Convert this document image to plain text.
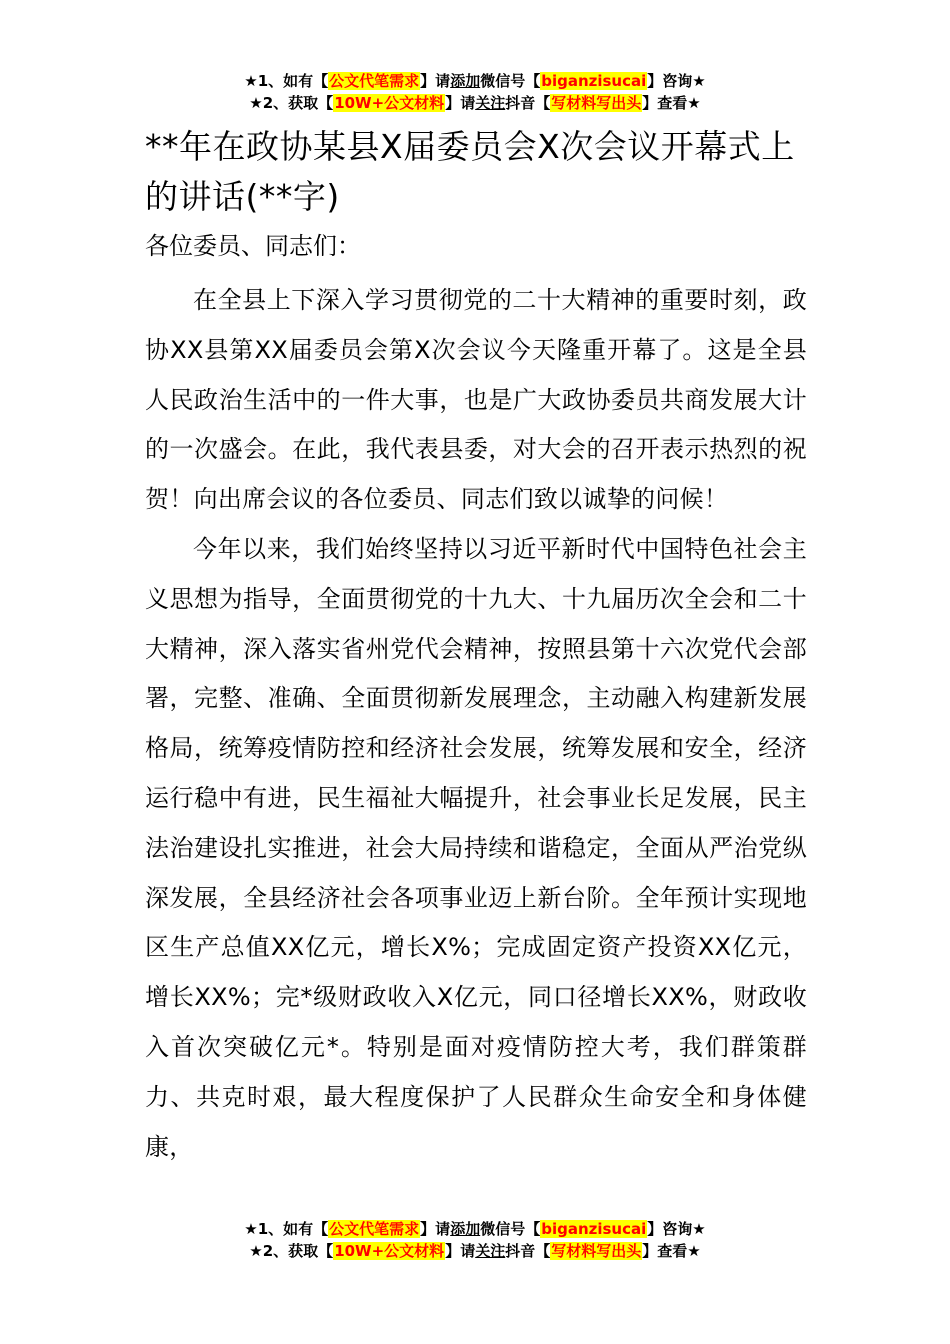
★1、如有【公文代笔需求】请添加微信号【biganzisucai】咨询★
★2、获取【10W+公文材料】请关注抖音【写材料写出头】查看★
**年在政协某县Ⅹ届委员会Ⅹ次会议开幕式上的讲话(**字)

各位委员、同志们：

在全县上下深入学习贯彻党的二十大精神的重要时刻，政协XX县第XX届委员会第X次会议今天隆重开幕了。这是全县人民政治生活中的一件大事，也是广大政协委员共商发展大计的一次盛会。在此，我代表县委，对大会的召开表示热烈的祝贺！向出席会议的各位委员、同志们致以诚挚的问候！

今年以来，我们始终坚持以习近平新时代中国特色社会主义思想为指导，全面贯彻党的十九大、十九届历次全会和二十大精神，深入落实省州党代会精神，按照县第十六次党代会部署，完整、准确、全面贯彻新发展理念，主动融入构建新发展格局，统筹疫情防控和经济社会发展，统筹发展和安全，经济运行稳中有进，民生福祉大幅提升，社会事业长足发展，民主法治建设扎实推进，社会大局持续和谐稳定，全面从严治党纵深发展，全县经济社会各项事业迈上新台阶。全年预计实现地区生产总值XX亿元，增长X%；完成固定资产投资XX亿元，增长XX%；完*级财政收入X亿元，同口径增长XX%，财政收入首次突破亿元*。特别是面对疫情防控大考，我们群策群力、共克时艰，最大程度保护了人民群众生命安全和身体健康，

★1、如有【公文代笔需求】请添加微信号【biganzisucai】咨询★
★2、获取【10W+公文材料】请关注抖音【写材料写出头】查看★
